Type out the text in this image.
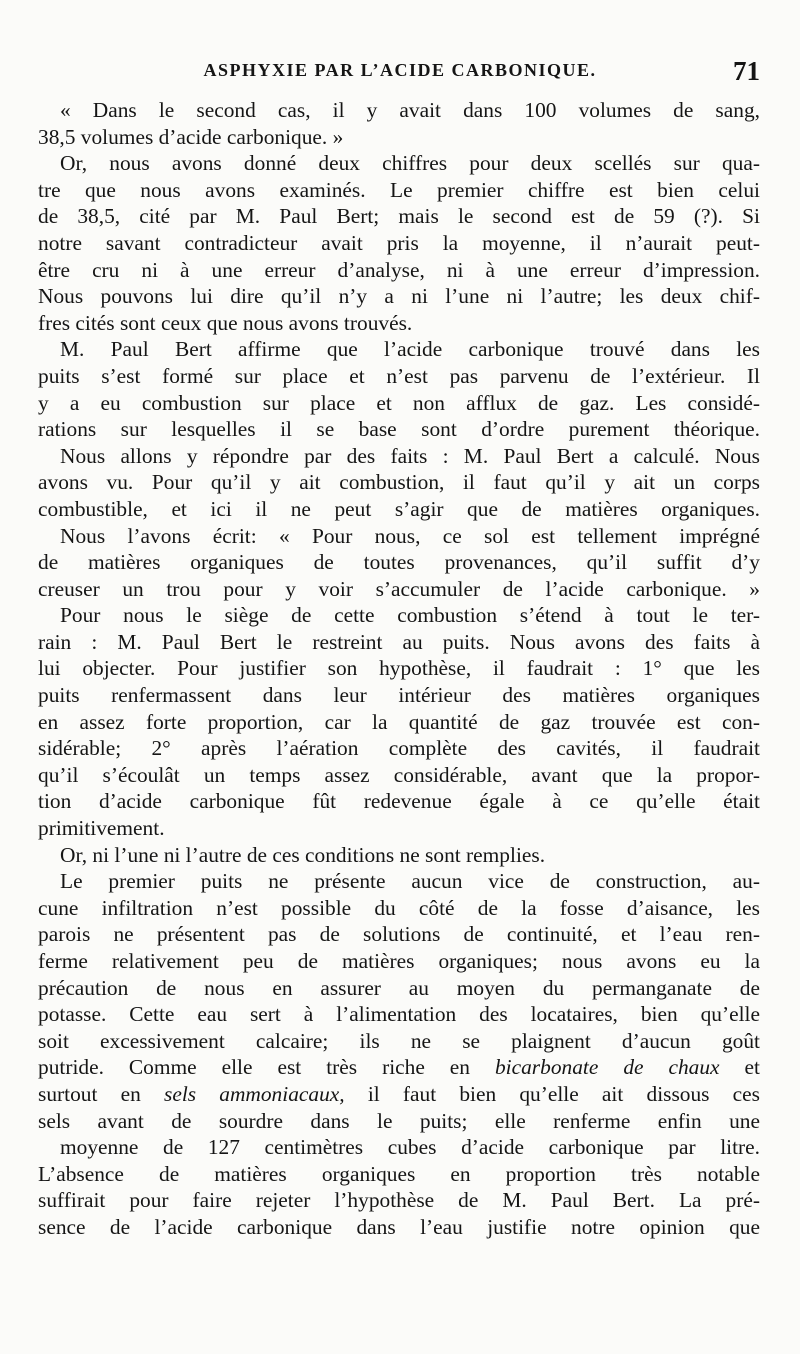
ASPHYXIE PAR L’ACIDE CARBONIQUE.	71
« Dans le second cas, il y avait dans 100 volumes de sang,
38,5 volumes d’acide carbonique. »
Or, nous avons donné deux chiffres pour deux scellés sur qua-
tre que nous avons examinés. Le premier chiffre est bien celui
de 38,5, cité par M. Paul Bert; mais le second est de 59 (?). Si
notre savant contradicteur avait pris la moyenne, il n’aurait peut-
être cru ni à une erreur d’analyse, ni à une erreur d’impression.
Nous pouvons lui dire qu’il n’y a ni l’une ni l’autre; les deux chif-
fres cités sont ceux que nous avons trouvés.
M. Paul Bert affirme que l’acide carbonique trouvé dans les
puits s’est formé sur place et n’est pas parvenu de l’extérieur. Il
y a eu combustion sur place et non afflux de gaz. Les considé-
rations sur lesquelles il se base sont d’ordre purement théorique.
Nous allons y répondre par des faits : M. Paul Bert a calculé. Nous
avons vu. Pour qu’il y ait combustion, il faut qu’il y ait un corps
combustible, et ici il ne peut s’agir que de matières organiques.
Nous l’avons écrit: « Pour nous, ce sol est tellement imprégné
de matières organiques de toutes provenances, qu’il suffit d’y
creuser un trou pour y voir s’accumuler de l’acide carbonique. »
Pour nous le siège de cette combustion s’étend à tout le ter-
rain : M. Paul Bert le restreint au puits. Nous avons des faits à
lui objecter. Pour justifier son hypothèse, il faudrait : 1° que les
puits renfermassent dans leur intérieur des matières organiques
en assez forte proportion, car la quantité de gaz trouvée est con-
sidérable; 2° après l’aération complète des cavités, il faudrait
qu’il s’écoulât un temps assez considérable, avant que la propor-
tion d’acide carbonique fût redevenue égale à ce qu’elle était
primitivement.
Or, ni l’une ni l’autre de ces conditions ne sont remplies.
Le premier puits ne présente aucun vice de construction, au-
cune infiltration n’est possible du côté de la fosse d’aisance, les
parois ne présentent pas de solutions de continuité, et l’eau ren-
ferme relativement peu de matières organiques; nous avons eu la
précaution de nous en assurer au moyen du permanganate de
potasse. Cette eau sert à l’alimentation des locataires, bien qu’elle
soit excessivement calcaire; ils ne se plaignent d’aucun goût
putride. Comme elle est très riche en bicarbonate de chaux et
surtout en sels ammoniacaux, il faut bien qu’elle ait dissous ces
sels avant de sourdre dans le puits; elle renferme enfin une
moyenne de 127 centimètres cubes d’acide carbonique par litre.
L’absence de matières organiques en proportion très notable
suffirait pour faire rejeter l’hypothèse de M. Paul Bert. La pré-
sence de l’acide carbonique dans l’eau justifie notre opinion que
